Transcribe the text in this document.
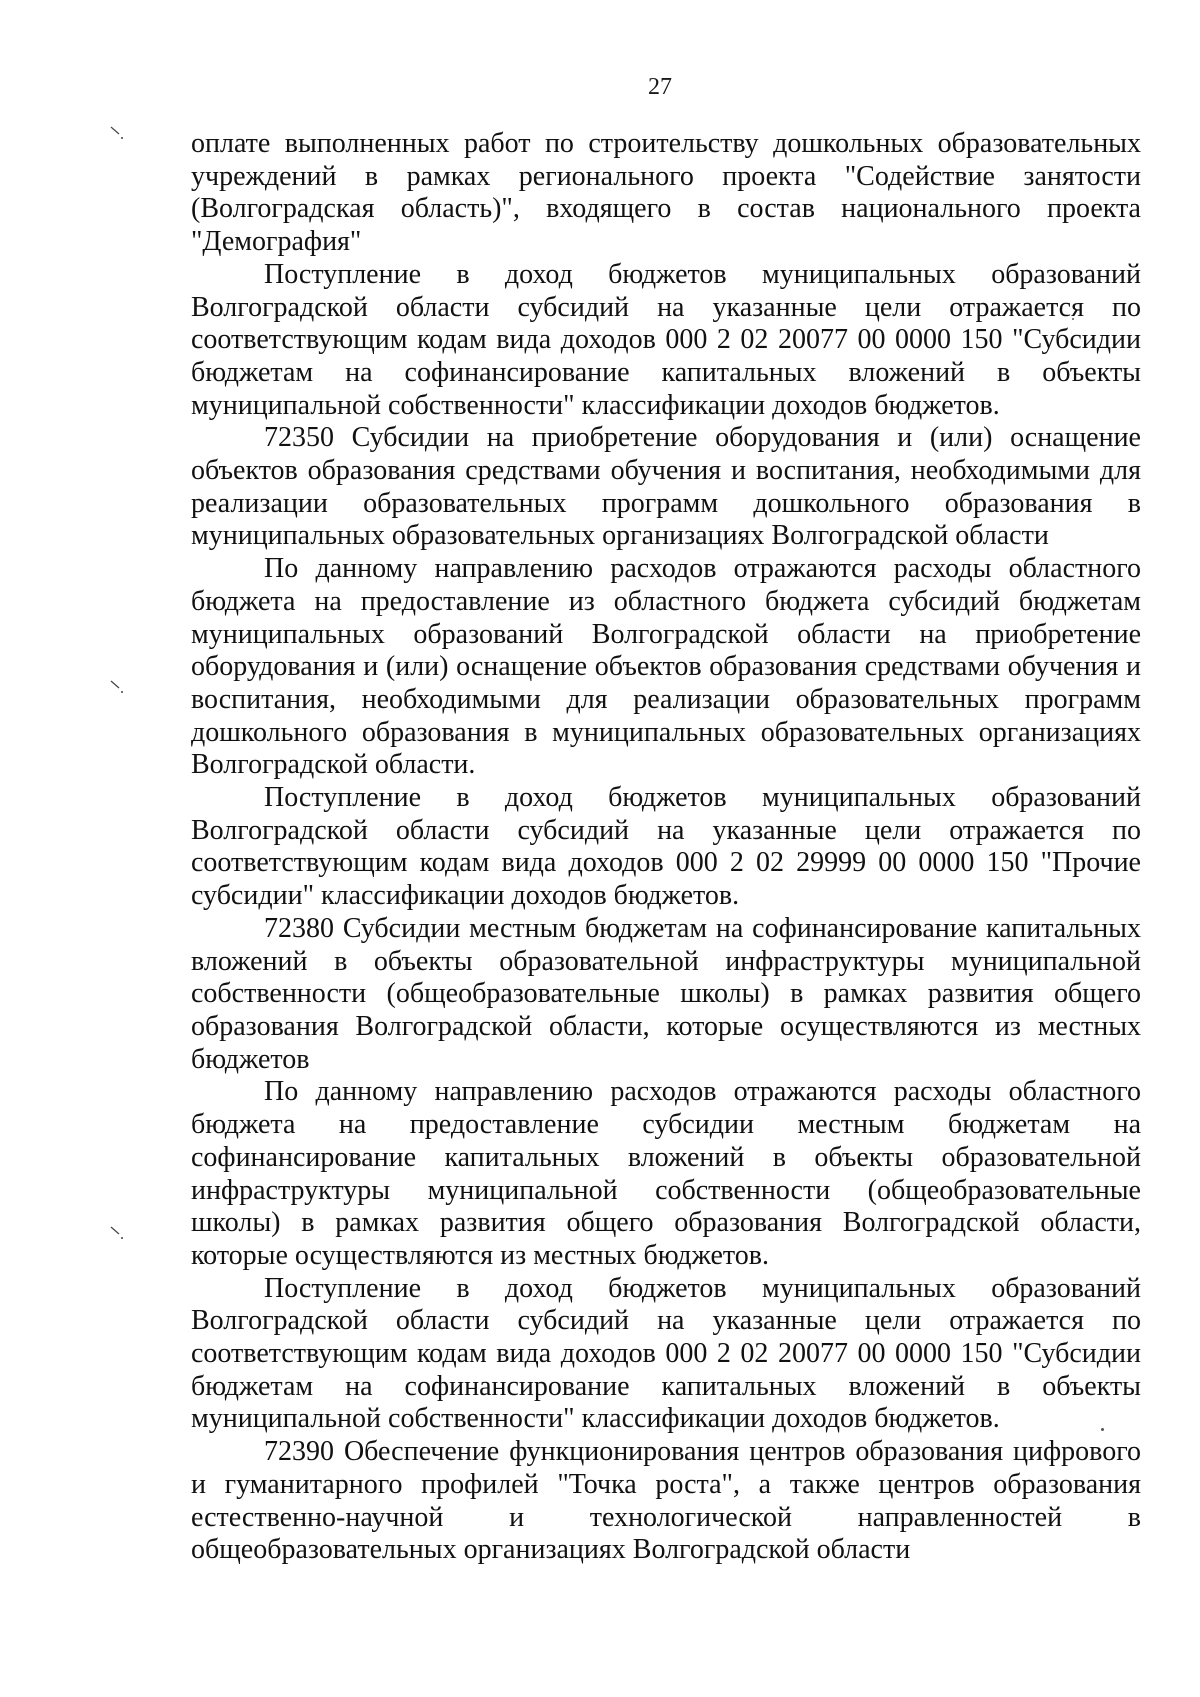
27

оплате выполненных работ по строительству дошкольных образовательных учреждений в рамках регионального проекта "Содействие занятости (Волгоградская область)", входящего в состав национального проекта "Демография"

Поступление в доход бюджетов муниципальных образований Волгоградской области субсидий на указанные цели отражается по соответствующим кодам вида доходов 000 2 02 20077 00 0000 150 "Субсидии бюджетам на софинансирование капитальных вложений в объекты муниципальной собственности" классификации доходов бюджетов.

72350 Субсидии на приобретение оборудования и (или) оснащение объектов образования средствами обучения и воспитания, необходимыми для реализации образовательных программ дошкольного образования в муниципальных образовательных организациях Волгоградской области

По данному направлению расходов отражаются расходы областного бюджета на предоставление из областного бюджета субсидий бюджетам муниципальных образований Волгоградской области на приобретение оборудования и (или) оснащение объектов образования средствами обучения и воспитания, необходимыми для реализации образовательных программ дошкольного образования в муниципальных образовательных организациях Волгоградской области.

Поступление в доход бюджетов муниципальных образований Волгоградской области субсидий на указанные цели отражается по соответствующим кодам вида доходов 000 2 02 29999 00 0000 150 "Прочие субсидии" классификации доходов бюджетов.

72380 Субсидии местным бюджетам на софинансирование капитальных вложений в объекты образовательной инфраструктуры муниципальной собственности (общеобразовательные школы) в рамках развития общего образования Волгоградской области, которые осуществляются из местных бюджетов

По данному направлению расходов отражаются расходы областного бюджета на предоставление субсидии местным бюджетам на софинансирование капитальных вложений в объекты образовательной инфраструктуры муниципальной собственности (общеобразовательные школы) в рамках развития общего образования Волгоградской области, которые осуществляются из местных бюджетов.

Поступление в доход бюджетов муниципальных образований Волгоградской области субсидий на указанные цели отражается по соответствующим кодам вида доходов 000 2 02 20077 00 0000 150 "Субсидии бюджетам на софинансирование капитальных вложений в объекты муниципальной собственности" классификации доходов бюджетов.

72390 Обеспечение функционирования центров образования цифрового и гуманитарного профилей "Точка роста", а также центров образования естественно-научной и технологической направленностей в общеобразовательных организациях Волгоградской области
